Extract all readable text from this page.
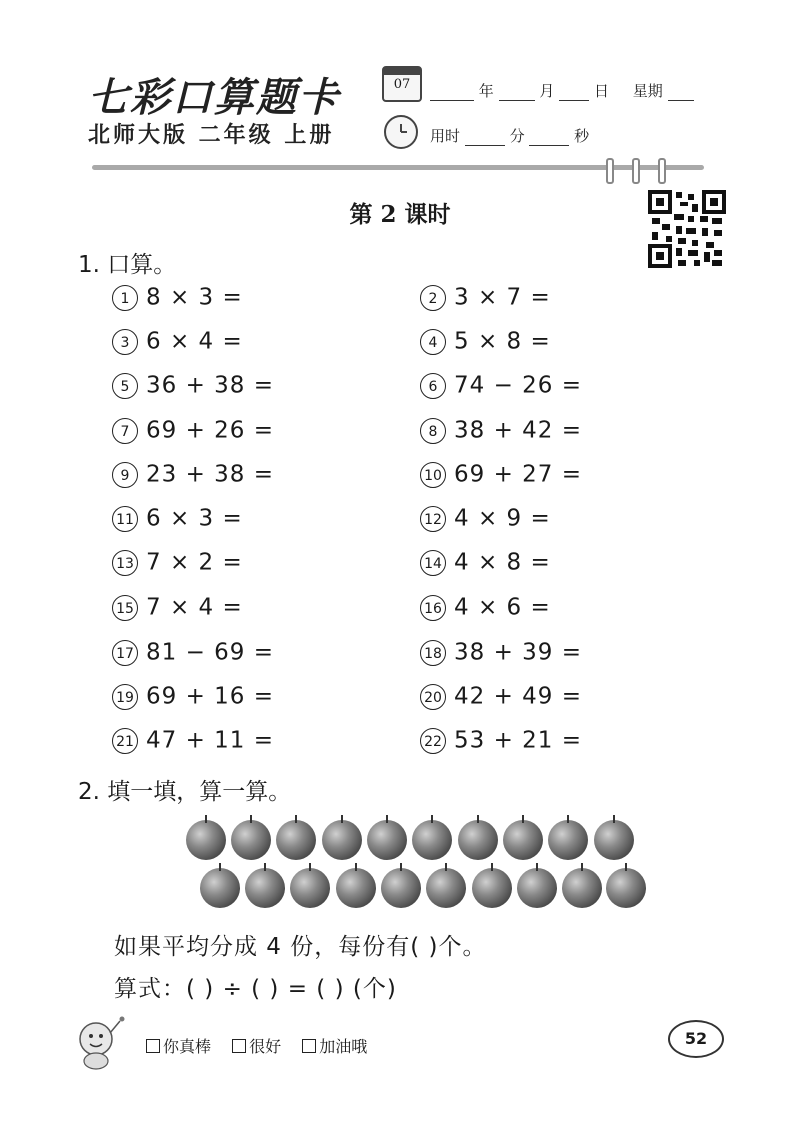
七彩口算题卡
北师大版 二年级 上册
07	年	月	日 星期
用时	分	秒
第 2 课时
1. 口算。
1 8 × 3 =	2 3 × 7 =
3 6 × 4 =	4 5 × 8 =
5 36 + 38 =	6 74 − 26 =
7 69 + 26 =	8 38 + 42 =
9 23 + 38 =	10 69 + 27 =
11 6 × 3 =	12 4 × 9 =
13 7 × 2 =	14 4 × 8 =
15 7 × 4 =	16 4 × 6 =
17 81 − 69 =	18 38 + 39 =
19 69 + 16 =	20 42 + 49 =
21 47 + 11 =	22 53 + 21 =
2. 填一填，算一算。
如果平均分成 4 份，每份有( )个。
算式：( ) ÷ ( ) = ( ) (个)
你真棒 很好 加油哦	52
